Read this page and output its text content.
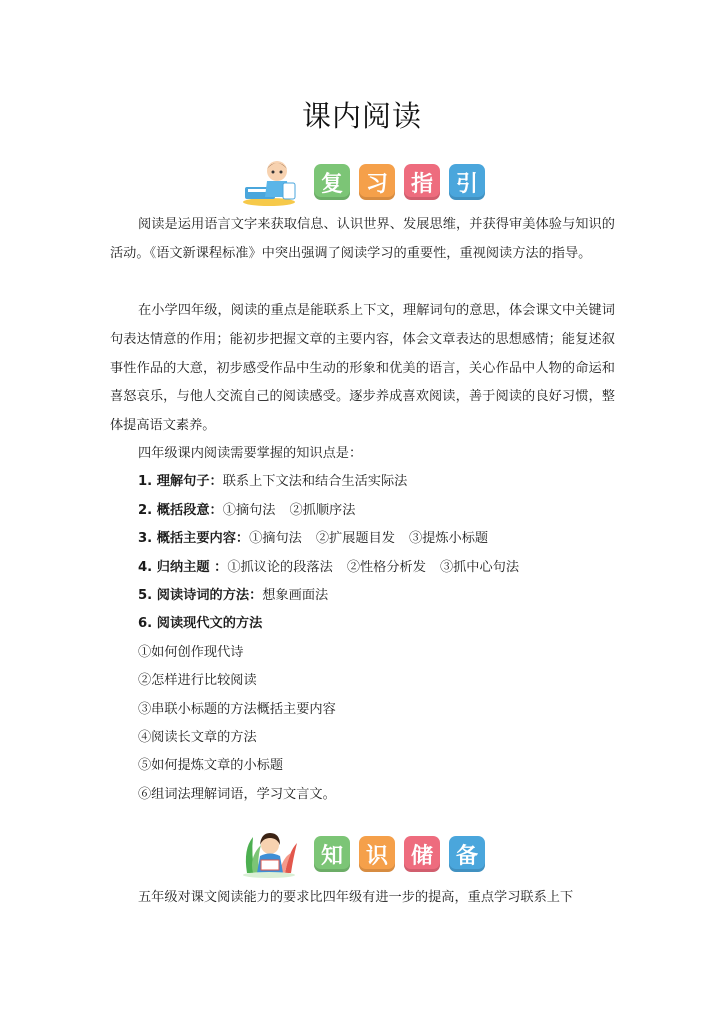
课内阅读
复	习	指	引

阅读是运用语言文字来获取信息、认识世界、发展思维，并获得审美体验与知识的活动。《语文新课程标准》中突出强调了阅读学习的重要性，重视阅读方法的指导。

在小学四年级，阅读的重点是能联系上下文，理解词句的意思，体会课文中关键词句表达情意的作用；能初步把握文章的主要内容，体会文章表达的思想感情；能复述叙事性作品的大意，初步感受作品中生动的形象和优美的语言，关心作品中人物的命运和喜怒哀乐，与他人交流自己的阅读感受。逐步养成喜欢阅读，善于阅读的良好习惯，整体提高语文素养。

四年级课内阅读需要掌握的知识点是：
1. 理解句子：联系上下文法和结合生活实际法
2. 概括段意：①摘句法 ②抓顺序法
3. 概括主要内容：①摘句法 ②扩展题目发 ③提炼小标题
4. 归纳主题 ：①抓议论的段落法 ②性格分析发 ③抓中心句法
5. 阅读诗词的方法：想象画面法
6. 阅读现代文的方法
①如何创作现代诗
②怎样进行比较阅读
③串联小标题的方法概括主要内容
④阅读长文章的方法
⑤如何提炼文章的小标题
⑥组词法理解词语，学习文言文。
知	识	储	备
五年级对课文阅读能力的要求比四年级有进一步的提高，重点学习联系上下
